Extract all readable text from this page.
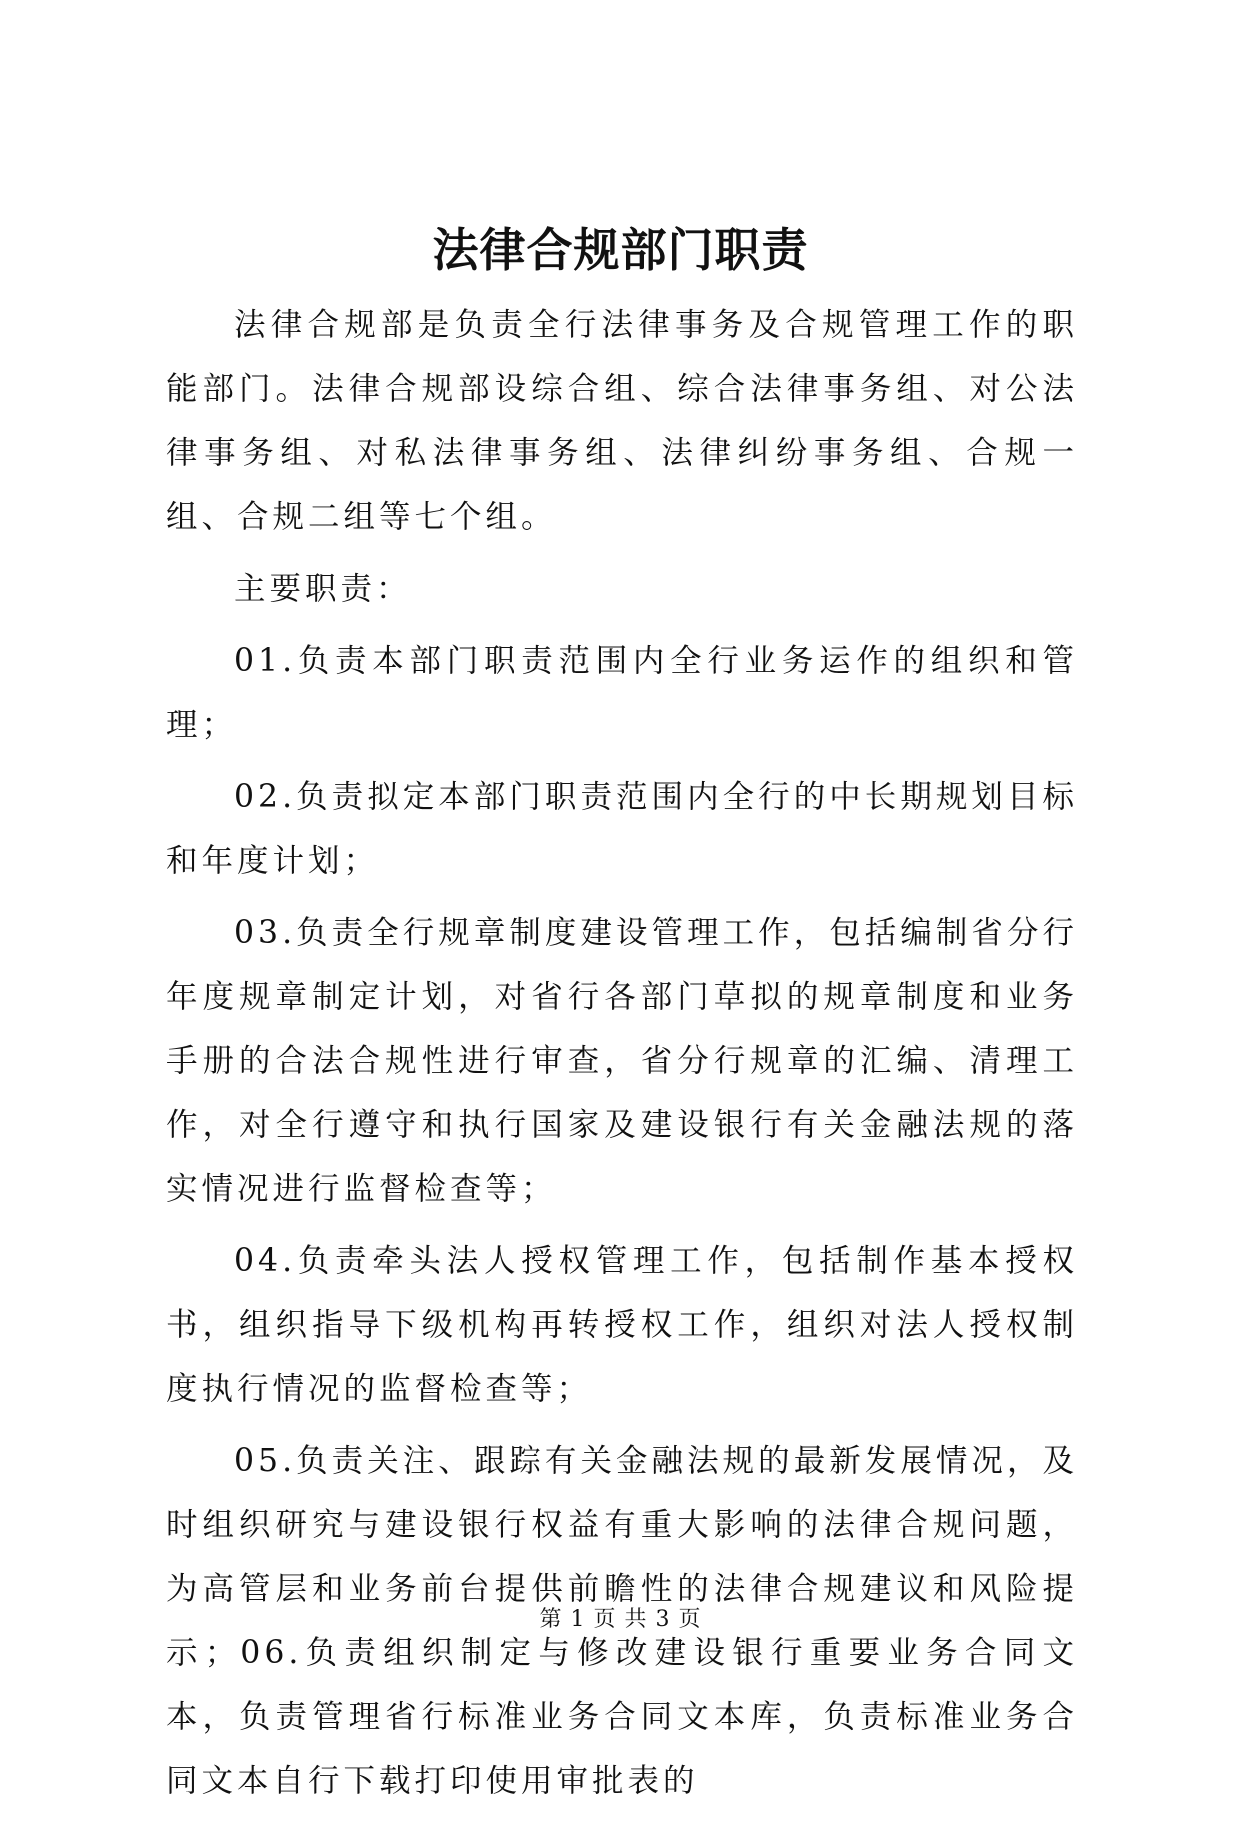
法律合规部门职责

法律合规部是负责全行法律事务及合规管理工作的职能部门。法律合规部设综合组、综合法律事务组、对公法律事务组、对私法律事务组、法律纠纷事务组、合规一组、合规二组等七个组。

主要职责：

01.负责本部门职责范围内全行业务运作的组织和管理；

02.负责拟定本部门职责范围内全行的中长期规划目标和年度计划；

03.负责全行规章制度建设管理工作，包括编制省分行年度规章制定计划，对省行各部门草拟的规章制度和业务手册的合法合规性进行审查，省分行规章的汇编、清理工作，对全行遵守和执行国家及建设银行有关金融法规的落实情况进行监督检查等；

04.负责牵头法人授权管理工作，包括制作基本授权书，组织指导下级机构再转授权工作，组织对法人授权制度执行情况的监督检查等；

05.负责关注、跟踪有关金融法规的最新发展情况，及时组织研究与建设银行权益有重大影响的法律合规问题，为高管层和业务前台提供前瞻性的法律合规建议和风险提示；06.负责组织制定与修改建设银行重要业务合同文本，负责管理省行标准业务合同文本库，负责标准业务合同文本自行下载打印使用审批表的

第 1 页 共 3 页
